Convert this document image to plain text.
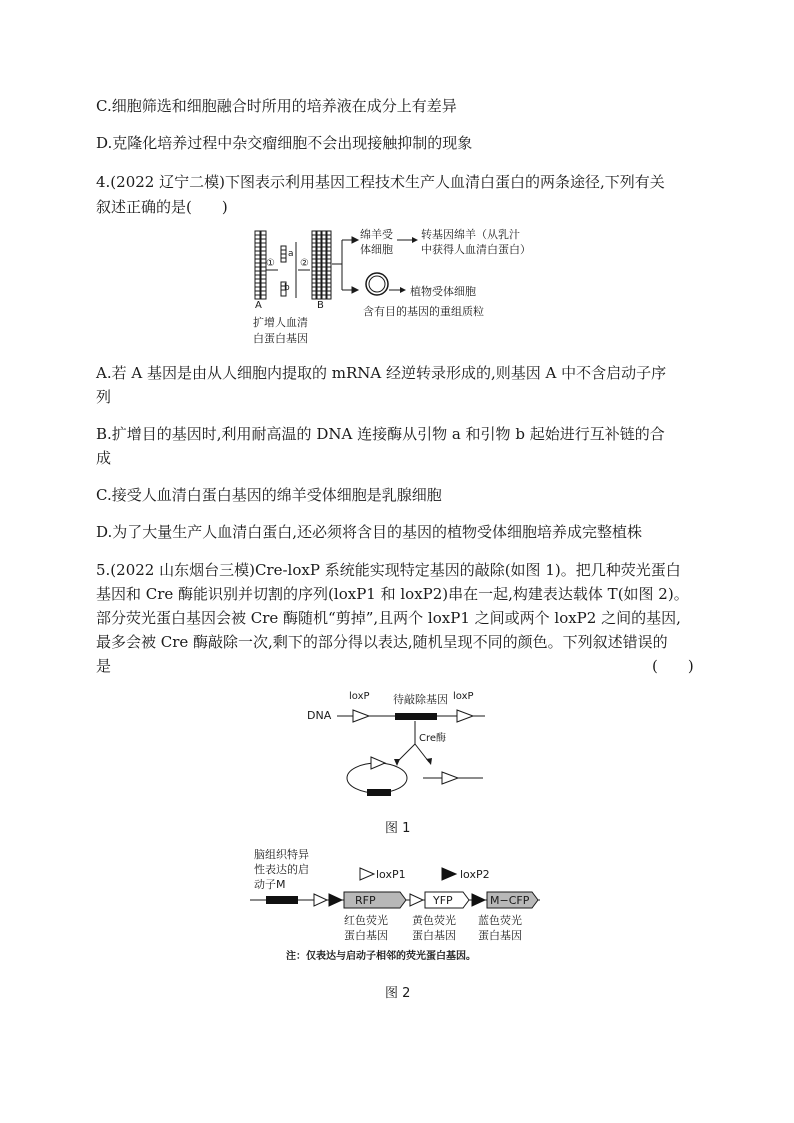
C.细胞筛选和细胞融合时所用的培养液在成分上有差异
D.克隆化培养过程中杂交瘤细胞不会出现接触抑制的现象
4.(2022 辽宁二模)下图表示利用基因工程技术生产人血清白蛋白的两条途径,下列有关
叙述正确的是(　　)
A
①
a
b
②
B
绵羊受
体细胞
转基因绵羊（从乳汁
中获得人血清白蛋白）
植物受体细胞
含有目的基因的重组质粒
扩增人血清
白蛋白基因
A.若 A 基因是由从人细胞内提取的 mRNA 经逆转录形成的,则基因 A 中不含启动子序
列
B.扩增目的基因时,利用耐高温的 DNA 连接酶从引物 a 和引物 b 起始进行互补链的合
成
C.接受人血清白蛋白基因的绵羊受体细胞是乳腺细胞
D.为了大量生产人血清白蛋白,还必须将含目的基因的植物受体细胞培养成完整植株
5.(2022 山东烟台三模)Cre-loxP 系统能实现特定基因的敲除(如图 1)。把几种荧光蛋白
基因和 Cre 酶能识别并切割的序列(loxP1 和 loxP2)串在一起,构建表达载体 T(如图 2)。
部分荧光蛋白基因会被 Cre 酶随机“剪掉”,且两个 loxP1 之间或两个 loxP2 之间的基因,
最多会被 Cre 酶敲除一次,剩下的部分得以表达,随机呈现不同的颜色。下列叙述错误的
是	(　　)
DNA
loxP 待敲除基因 loxP
Cre酶
图 1
脑组织特异
性表达的启
动子M
loxP1	loxP2
RFP	YFP	M−CFP
红色荧光
蛋白基因
黄色荧光
蛋白基因
蓝色荧光
蛋白基因
注：仅表达与启动子相邻的荧光蛋白基因。
图 2
